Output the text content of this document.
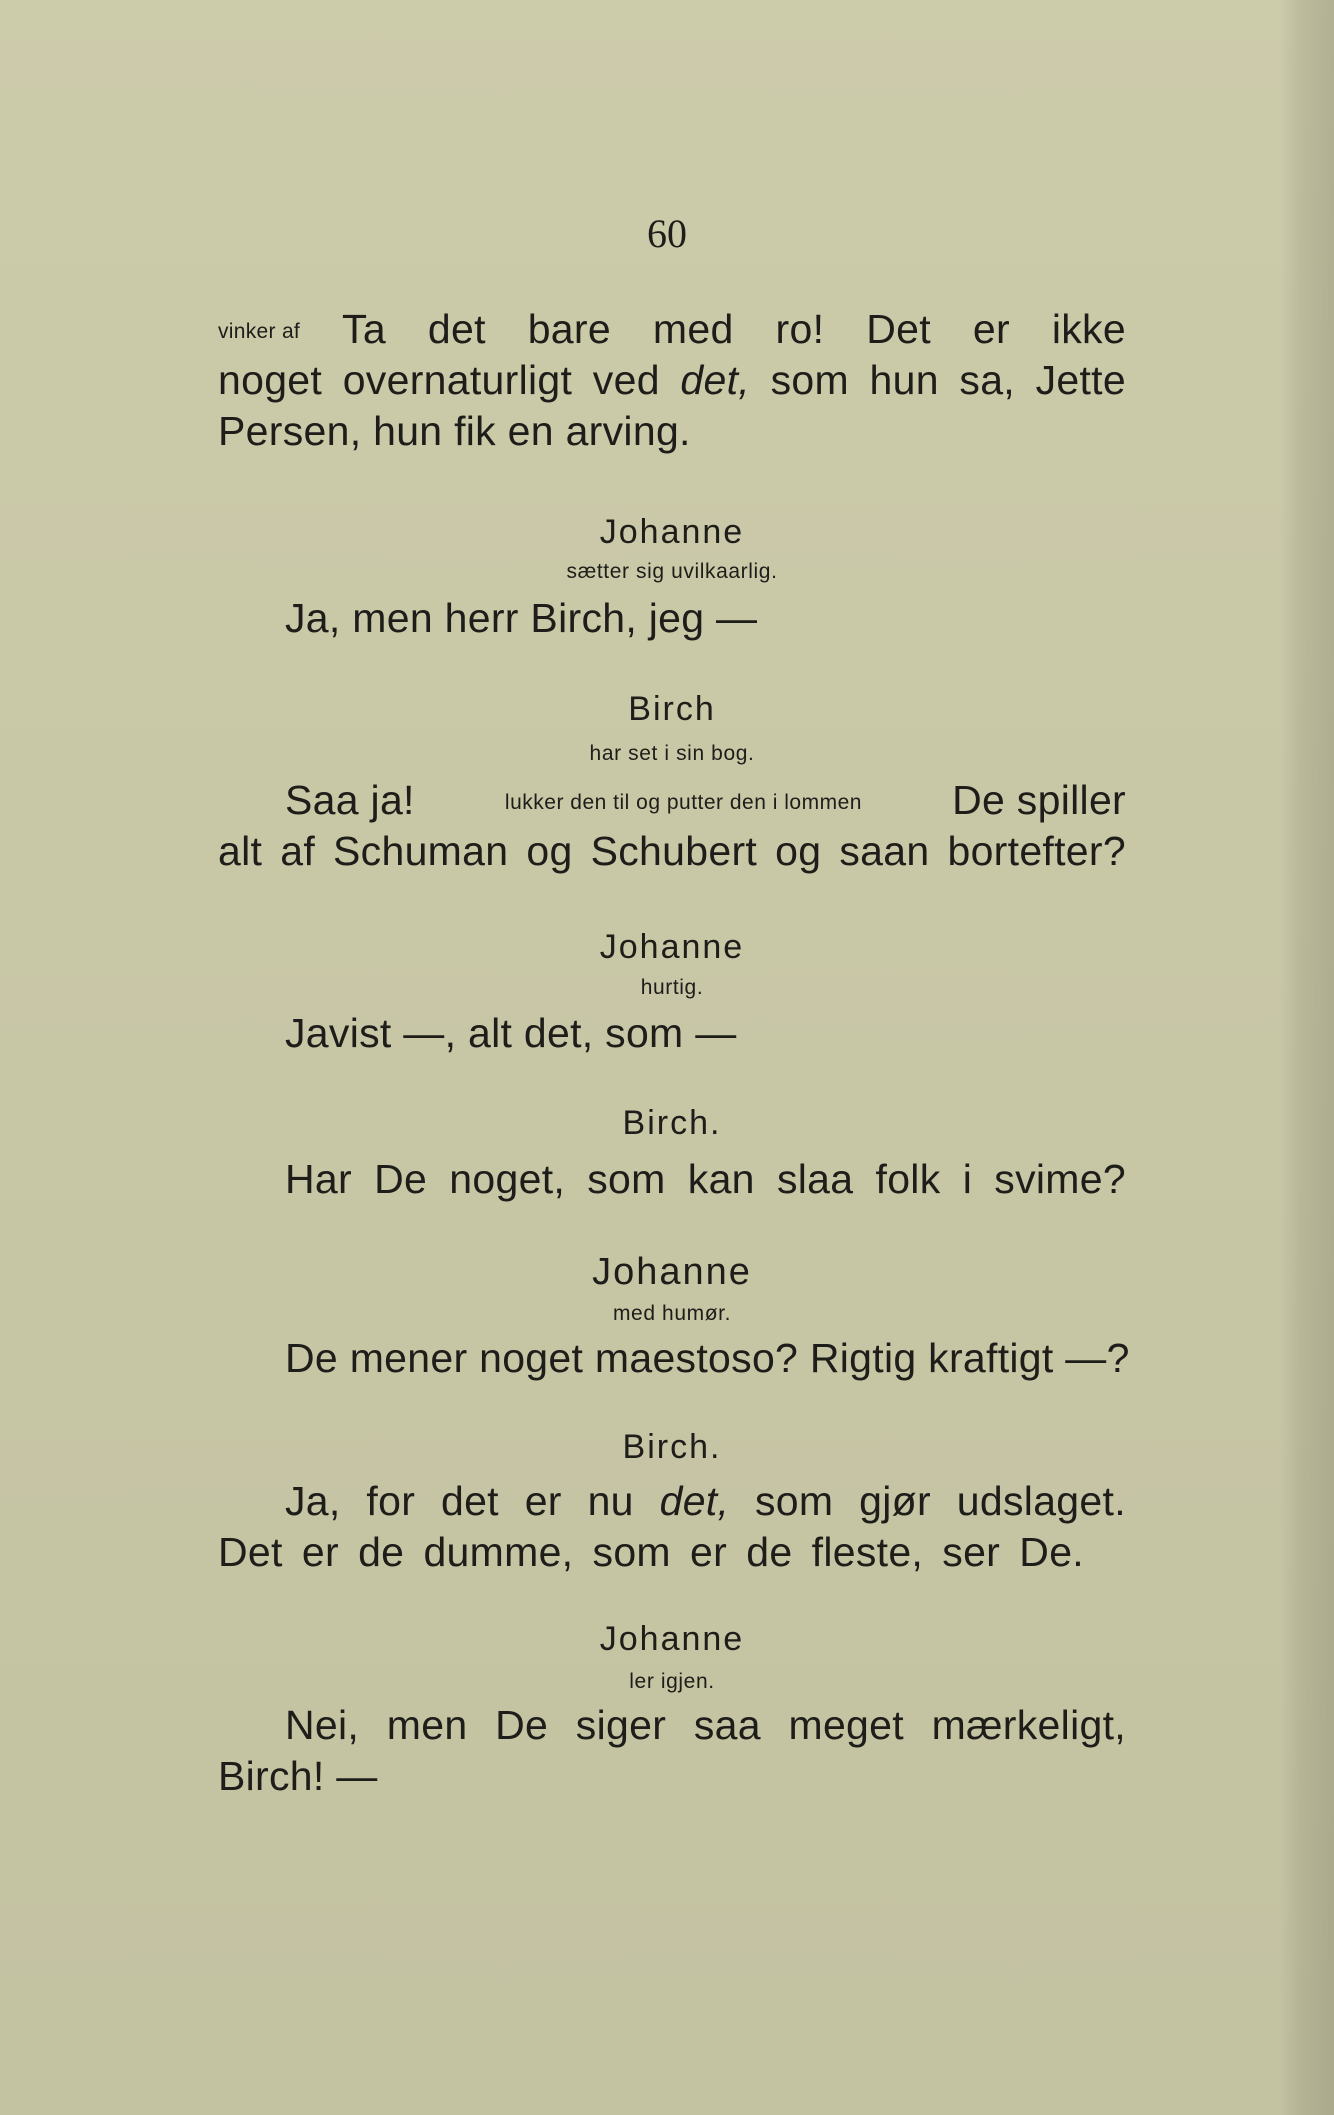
60
vinker af Ta det bare med ro! Det er ikke
noget overnaturligt ved det, som hun sa, Jette
Persen, hun fik en arving.
Johanne
sætter sig uvilkaarlig.
Ja, men herr Birch, jeg —
Birch
har set i sin bog.
Saa ja!	lukker den til og putter den i lommen De spiller
alt af Schuman og Schubert og saan bortefter?
Johanne
hurtig.
Javist —, alt det, som —
Birch.
Har De noget, som kan slaa folk i svime?
Johanne
med humør.
De mener noget maestoso? Rigtig kraftigt —?
Birch.
Ja, for det er nu det, som gjør udslaget.
Det er de dumme, som er de fleste, ser De.
Johanne
ler igjen.
Nei, men De siger saa meget mærkeligt,
Birch! —
